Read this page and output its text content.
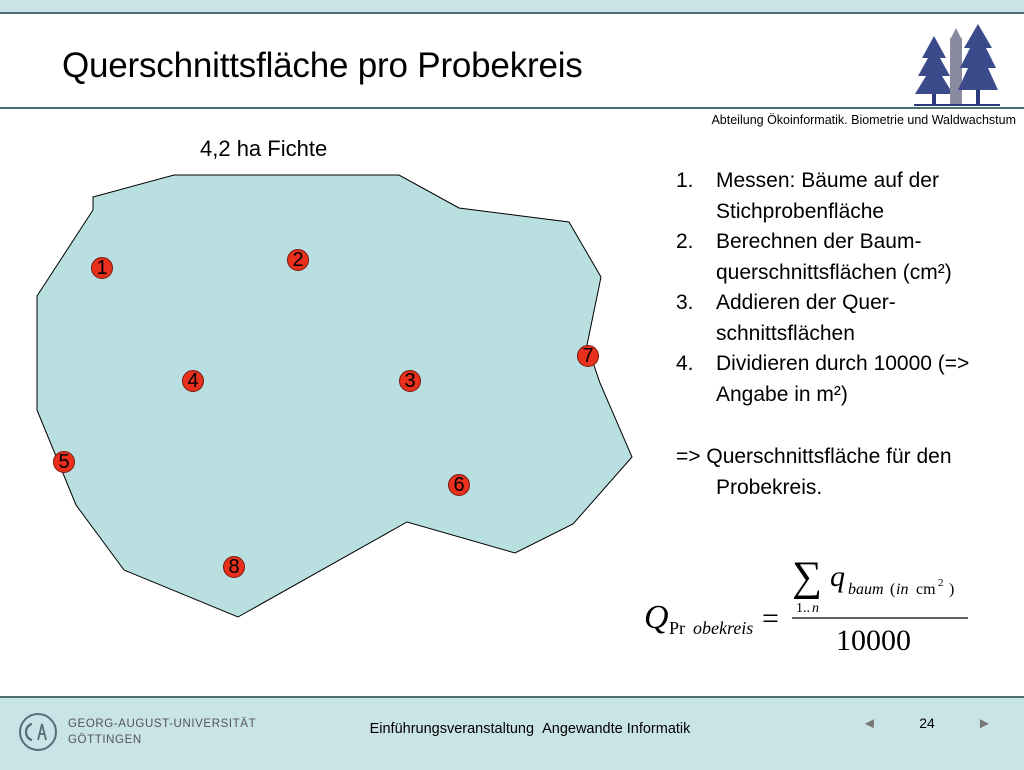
Querschnittsfläche pro Probekreis
Abteilung Ökoinformatik. Biometrie und Waldwachstum
4,2 ha Fichte
1	2
3
4
5
6
7
8
1. Messen: Bäume auf der Stichprobenfläche
2. Berechnen der Baum-querschnittsflächen (cm²)
3. Addieren der Quer-schnittsflächen
4. Dividieren durch 10000 (=> Angabe in m²)
=> Querschnittsfläche für den Probekreis.
Q Pr obekreis =
∑ q baum ( in cm 2 )
1.. n
10000
GEORG-AUGUST-UNIVERSITÄT
GÖTTINGEN
Einführungsveranstaltung Angewandte Informatik	◄	24	►
